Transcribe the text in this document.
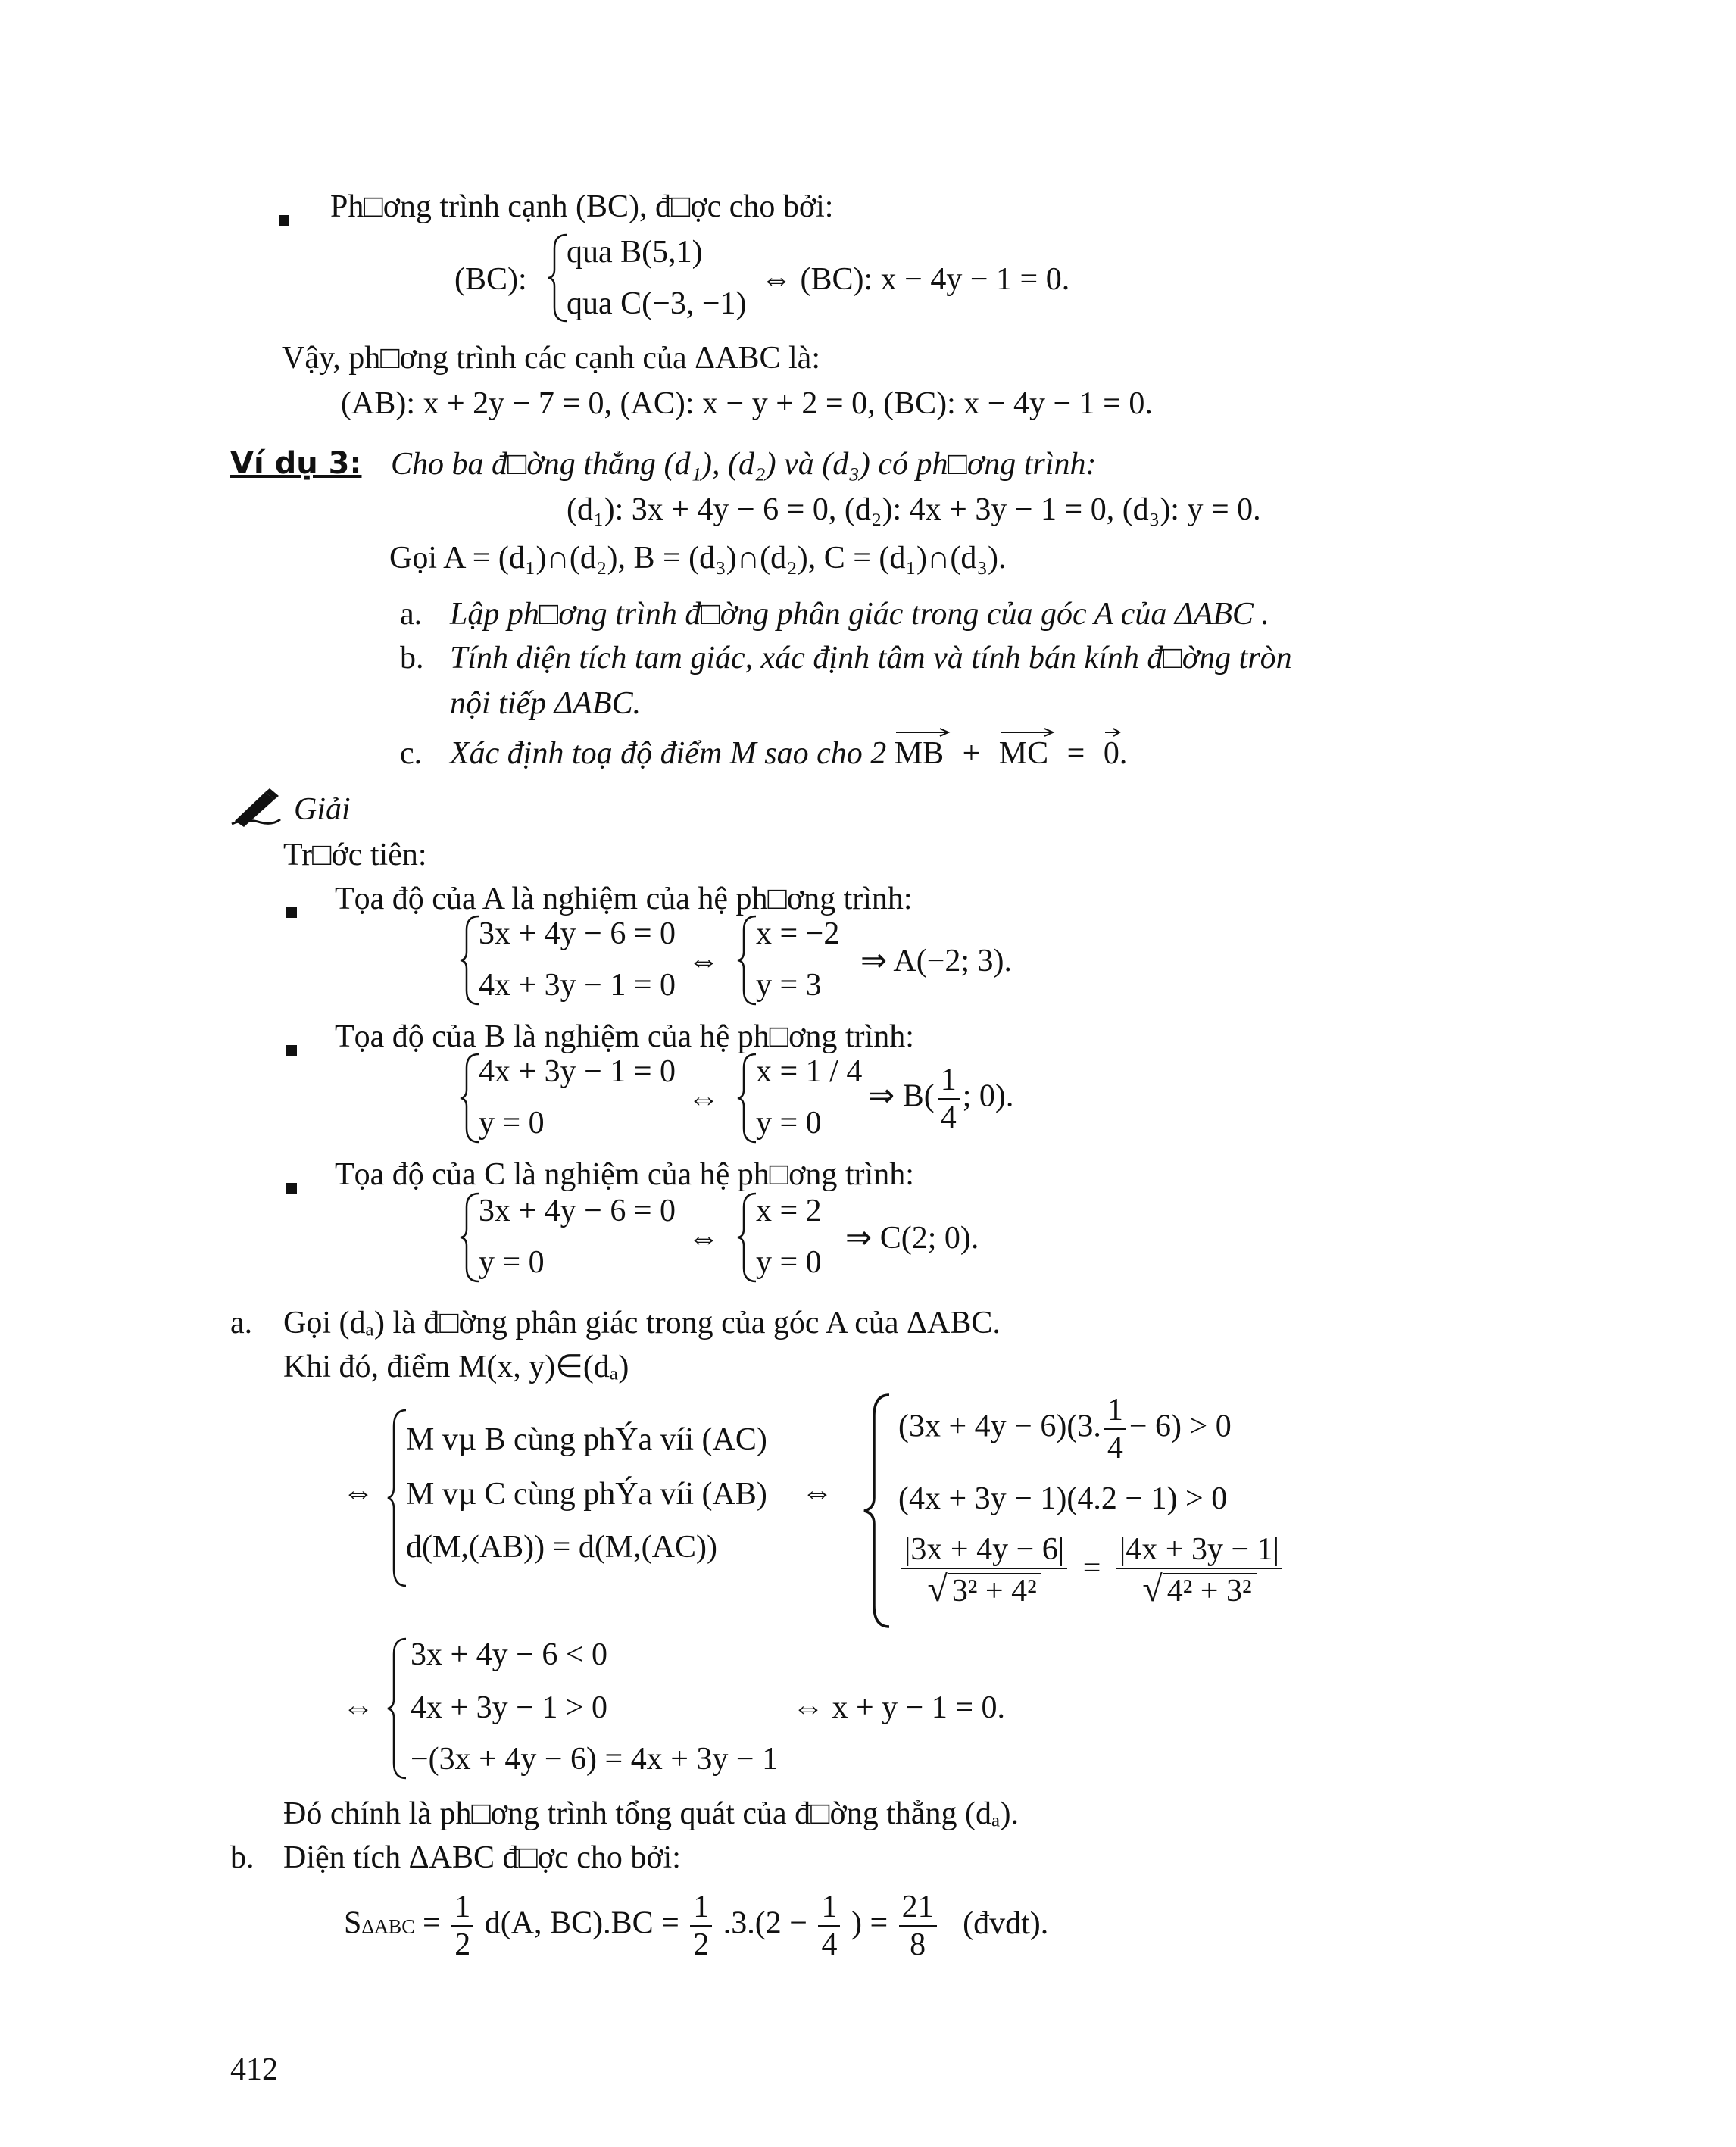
Ph□ơng trình cạnh (BC), đ□ợc cho bởi:
(BC):
qua B(5,1)
qua C(−3, −1)
⇔ (BC): x − 4y − 1 = 0.
Vậy, ph□ơng trình các cạnh của ΔABC là:
(AB): x + 2y − 7 = 0, (AC): x − y + 2 = 0, (BC): x − 4y − 1 = 0.
Ví dụ 3: Cho ba đ□ờng thẳng (d₁), (d₂) và (d₃) có ph□ơng trình:
(d₁): 3x + 4y − 6 = 0, (d₂): 4x + 3y − 1 = 0, (d₃): y = 0.
Gọi A = (d₁)∩(d₂), B = (d₃)∩(d₂), C = (d₁)∩(d₃).
a. Lập ph□ơng trình đ□ờng phân giác trong của góc A của ΔABC .
b. Tính diện tích tam giác, xác định tâm và tính bán kính đ□ờng tròn
nội tiếp ΔABC.
c. Xác định toạ độ điểm M sao cho 2 MB + MC = 0.
Giải
Tr□ớc tiên:
Tọa độ của A là nghiệm của hệ ph□ơng trình:
3x + 4y − 6 = 0
4x + 3y − 1 = 0
⇔
x = −2
y = 3
⇒ A(−2; 3).
Tọa độ của B là nghiệm của hệ ph□ơng trình:
4x + 3y − 1 = 0
y = 0
⇔
x = 1 / 4
y = 0
⇒ $B( \frac{1}{4}$ ; 0).
Tọa độ của C là nghiệm của hệ ph□ơng trình:
3x + 4y − 6 = 0
y = 0
⇔
x = 2
y = 0
⇒ C(2; 0).
a. Gọi (dₐ) là đ□ờng phân giác trong của góc A của ΔABC.
Khi đó, điểm M(x, y)∈(dₐ)
⇔
M vµ B cùng phÝa víi (AC)
M vµ C cùng phÝa víi (AB)
d(M,(AB)) = d(M,(AC))
⇔
(3x + 4y − 6)(3. $\frac{1}{4} - 6) > 0$
(4x + 3y − 1)(4.2 − 1) > 0
$\frac{|3x + 4y - 6|}{\text{√ 3² + 4²}} = \frac{|4x + 3y - 1|}{\text{√ 4² + 3²}}$
⇔
3x + 4y − 6 < 0
4x + 3y − 1 > 0
−(3x + 4y − 6) = 4x + 3y − 1
⇔ x + y − 1 = 0.
Đó chính là ph□ơng trình tổng quát của đ□ờng thẳng (dₐ).
b. Diện tích ΔABC đ□ợc cho bởi:
$S\Delta ABC = \frac{1}{2} d(A$, $BC).BC = \frac{1}{2} .3.(2 - \frac{1}{4}$ ) = $\frac{21}{8}$ (đvdt).
412
